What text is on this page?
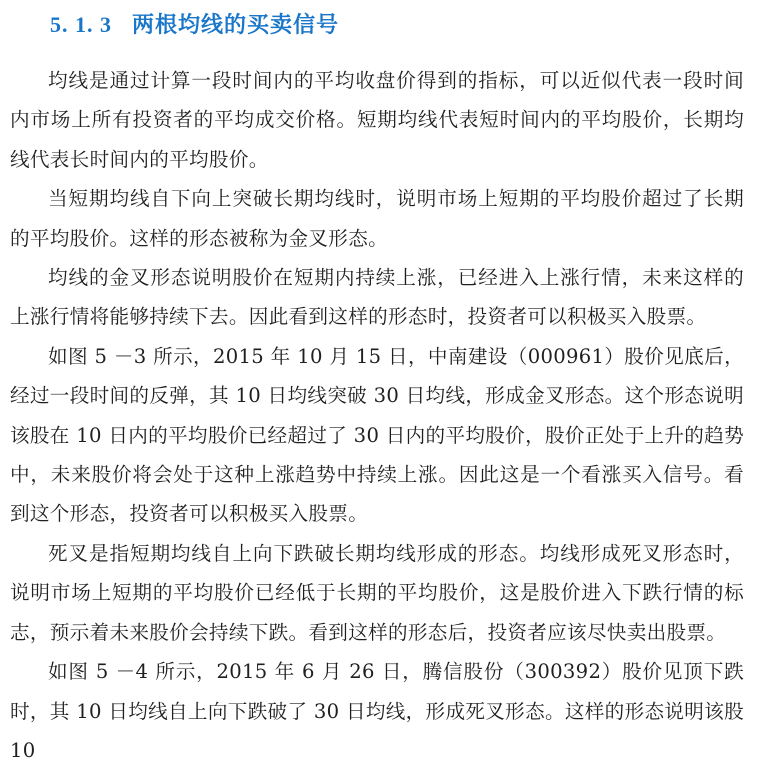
5. 1. 3 两根均线的买卖信号

均线是通过计算一段时间内的平均收盘价得到的指标，可以近似代表一段时间内市场上所有投资者的平均成交价格。短期均线代表短时间内的平均股价，长期均线代表长时间内的平均股价。

当短期均线自下向上突破长期均线时，说明市场上短期的平均股价超过了长期的平均股价。这样的形态被称为金叉形态。

均线的金叉形态说明股价在短期内持续上涨，已经进入上涨行情，未来这样的上涨行情将能够持续下去。因此看到这样的形态时，投资者可以积极买入股票。

如图 5 －3 所示，2015 年 10 月 15 日，中南建设（000961）股价见底后，经过一段时间的反弹，其 10 日均线突破 30 日均线，形成金叉形态。这个形态说明该股在 10 日内的平均股价已经超过了 30 日内的平均股价，股价正处于上升的趋势中，未来股价将会处于这种上涨趋势中持续上涨。因此这是一个看涨买入信号。看到这个形态，投资者可以积极买入股票。

死叉是指短期均线自上向下跌破长期均线形成的形态。均线形成死叉形态时，说明市场上短期的平均股价已经低于长期的平均股价，这是股价进入下跌行情的标志，预示着未来股价会持续下跌。看到这样的形态后，投资者应该尽快卖出股票。

如图 5 －4 所示，2015 年 6 月 26 日，腾信股份（300392）股价见顶下跌时，其 10 日均线自上向下跌破了 30 日均线，形成死叉形态。这样的形态说明该股 10
